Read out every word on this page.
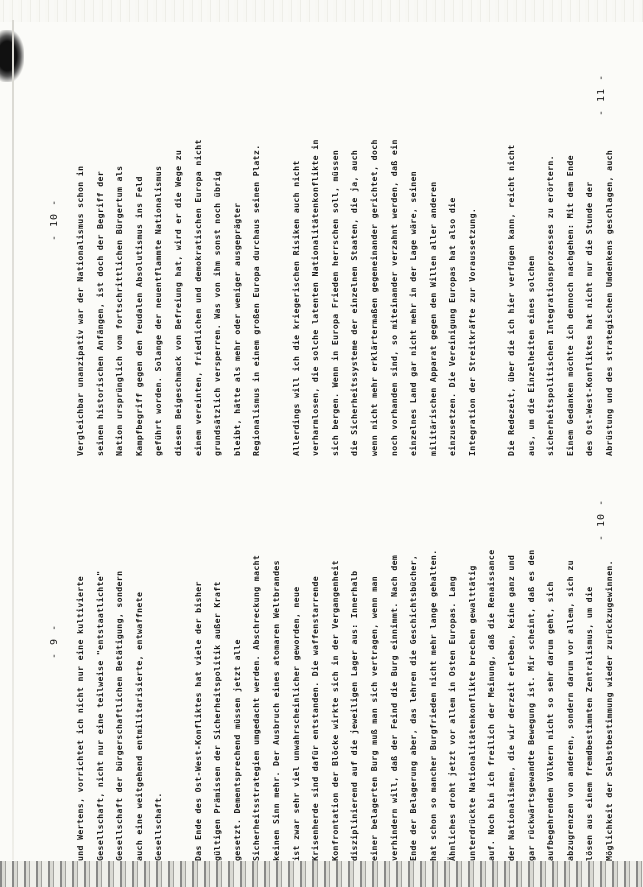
- 9 -	und Wertens, vorrichtet ich nicht nur eine kultivierte	Gesellschaft, nicht nur eine teilweise "entstaatlichte"	Gesellschaft der bürgerschaftlichen Betätigung, sondern	auch eine weitgehend entmilitarisierte, entwaffnete	Gesellschaft.	Das Ende des Ost-West-Konfliktes hat viele der bisher	gültigen Prämissen der Sicherheitspolitik außer Kraft	gesetzt. Dementsprechend müssen jetzt alle	Sicherheitsstrategien umgedacht werden. Abschreckung macht	keinen Sinn mehr. Der Ausbruch eines atomaren Weltbrandes	ist zwar sehr viel unwahrscheinlicher geworden, neue	Krisenherde sind dafür entstanden. Die waffenstarrende	Konfrontation der Blöcke wirkte sich in der Vergangenheit	disziplinierend auf die jeweiligen Lager aus: Innerhalb	einer belagerten Burg muß man sich vertragen, wenn man	verhindern will, daß der Feind die Burg einnimmt. Nach dem	Ende der Belagerung aber, das lehren die Geschichtsbücher,	hat schon so mancher Burgfrieden nicht mehr lange gehalten.	Ähnliches droht jetzt vor allem in Osten Europas. Lang	unterdrückte Nationalitätenkonflikte brechen gewalttätig	auf. Noch bin ich freilich der Meinung, daß die Renaissance	der Nationalismen, die wir derzeit erleben, keine ganz und	gar rückwärtsgewandte Bewegung ist. Mir scheint, daß es den	aufbegehrenden Völkern nicht so sehr darum geht, sich	abzugrenzen von anderen, sondern darum vor allem, sich zu	lösen aus einem fremdbestimmten Zentralismus, um die	Möglichkeit der Selbstbestimmung wieder zurückzugewinnen.
- 10 -
- 10 -	Vergleichbar unanzipativ war der Nationalismus schon in	seinen historischen Anfängen, ist doch der Begriff der	Nation ursprünglich vom fortschrittlichen Bürgertum als	Kampfbegriff gegen den feudalen Absolutismus ins Feld	geführt worden. Solange der neuentflammte Nationalismus	diesen Beigeschmack von Befreiung hat, wird er die Wege zu	einem vereinten, friedlichen und demokratischen Europa nicht	grundsätzlich versperren. Was von ihm sonst noch übrig	bleibt, hätte als mehr oder weniger ausgeprägter	Regionalismus in einem großen Europa durchaus seinen Platz.	Allerdings will ich die kriegerischen Risiken auch nicht	verharmlosen, die solche latenten Nationalitätenkonflikte in	sich bergen. Wenn in Europa Frieden herrschen soll, müssen	die Sicherheitssysteme der einzelnen Staaten, die ja, auch	wenn nicht mehr erklärtermaßen gegeneinander gerichtet, doch	noch vorhanden sind, so miteinander verzahnt werden, daß ein	einzelnes Land gar nicht mehr in der Lage wäre, seinen	militärischen Apparat gegen den Willen aller anderen	einzusetzen. Die Vereinigung Europas hat also die	Integration der Streitkräfte zur Voraussetzung.	Die Redezeit, über die ich hier verfügen kann, reicht nicht	aus, um die Einzelheiten eines solchen	sicherheitspolitischen Integrationsprozesses zu erörtern.	Einem Gedanken möchte ich dennoch nachgehen: Mit dem Ende	des Ost-West-Konfliktes hat nicht nur die Stunde der	Abrüstung und des strategischen Umdenkens geschlagen, auch
- 11 -
